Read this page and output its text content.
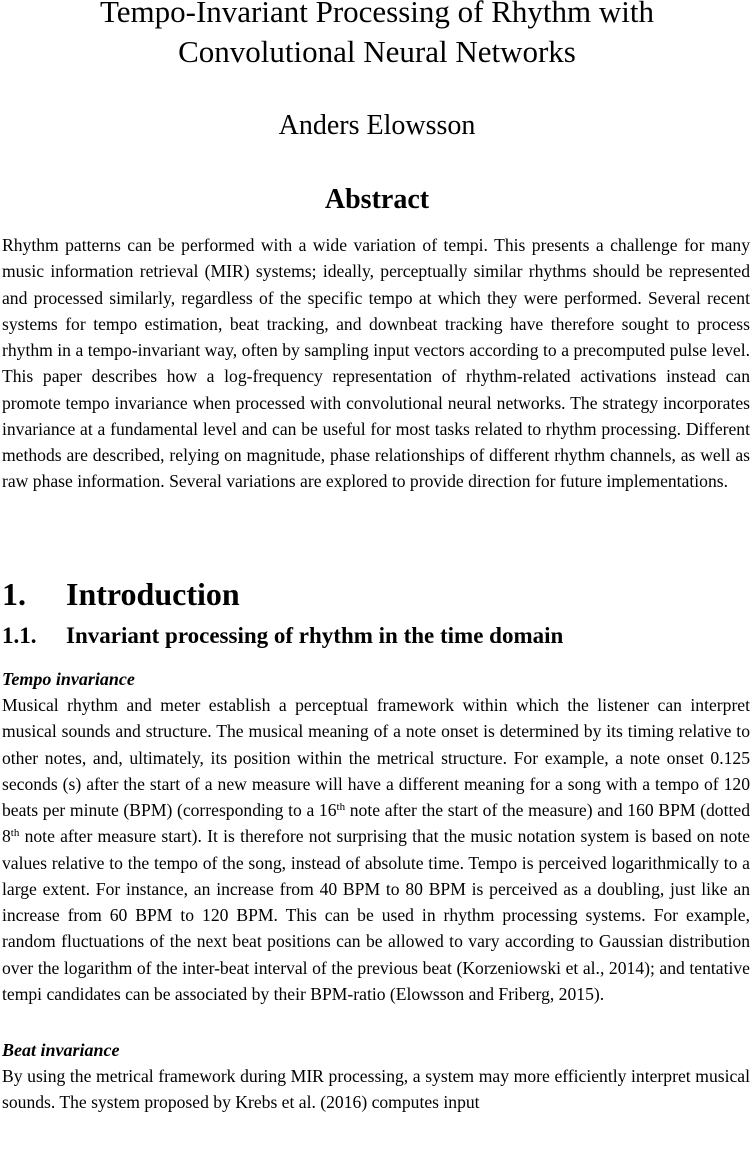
Tempo-Invariant Processing of Rhythm with
Convolutional Neural Networks
Anders Elowsson
Abstract

Rhythm patterns can be performed with a wide variation of tempi. This presents a challenge for many music information retrieval (MIR) systems; ideally, perceptually similar rhythms should be represented and processed similarly, regardless of the specific tempo at which they were performed. Several recent systems for tempo estimation, beat tracking, and downbeat tracking have therefore sought to process rhythm in a tempo-invariant way, often by sampling input vectors according to a precomputed pulse level. This paper describes how a log-frequency representation of rhythm-related activations instead can promote tempo invariance when processed with convolutional neural networks. The strategy incorporates invariance at a fundamental level and can be useful for most tasks related to rhythm processing. Different methods are described, relying on magnitude, phase relationships of different rhythm channels, as well as raw phase information. Several variations are explored to provide direction for future implementations.

1. Introduction
1.1. Invariant processing of rhythm in the time domain
Tempo invariance

Musical rhythm and meter establish a perceptual framework within which the listener can interpret musical sounds and structure. The musical meaning of a note onset is determined by its timing relative to other notes, and, ultimately, its position within the metrical structure. For example, a note onset 0.125 seconds (s) after the start of a new measure will have a different meaning for a song with a tempo of 120 beats per minute (BPM) (corresponding to a 16th note after the start of the measure) and 160 BPM (dotted 8th note after measure start). It is therefore not surprising that the music notation system is based on note values relative to the tempo of the song, instead of absolute time. Tempo is perceived logarithmically to a large extent. For instance, an increase from 40 BPM to 80 BPM is perceived as a doubling, just like an increase from 60 BPM to 120 BPM. This can be used in rhythm processing systems. For example, random fluctuations of the next beat positions can be allowed to vary according to Gaussian distribution over the logarithm of the inter-beat interval of the previous beat (Korzeniowski et al., 2014); and tentative tempi candidates can be associated by their BPM-ratio (Elowsson and Friberg, 2015).

Beat invariance

By using the metrical framework during MIR processing, a system may more efficiently interpret musical sounds. The system proposed by Krebs et al. (2016) computes input
